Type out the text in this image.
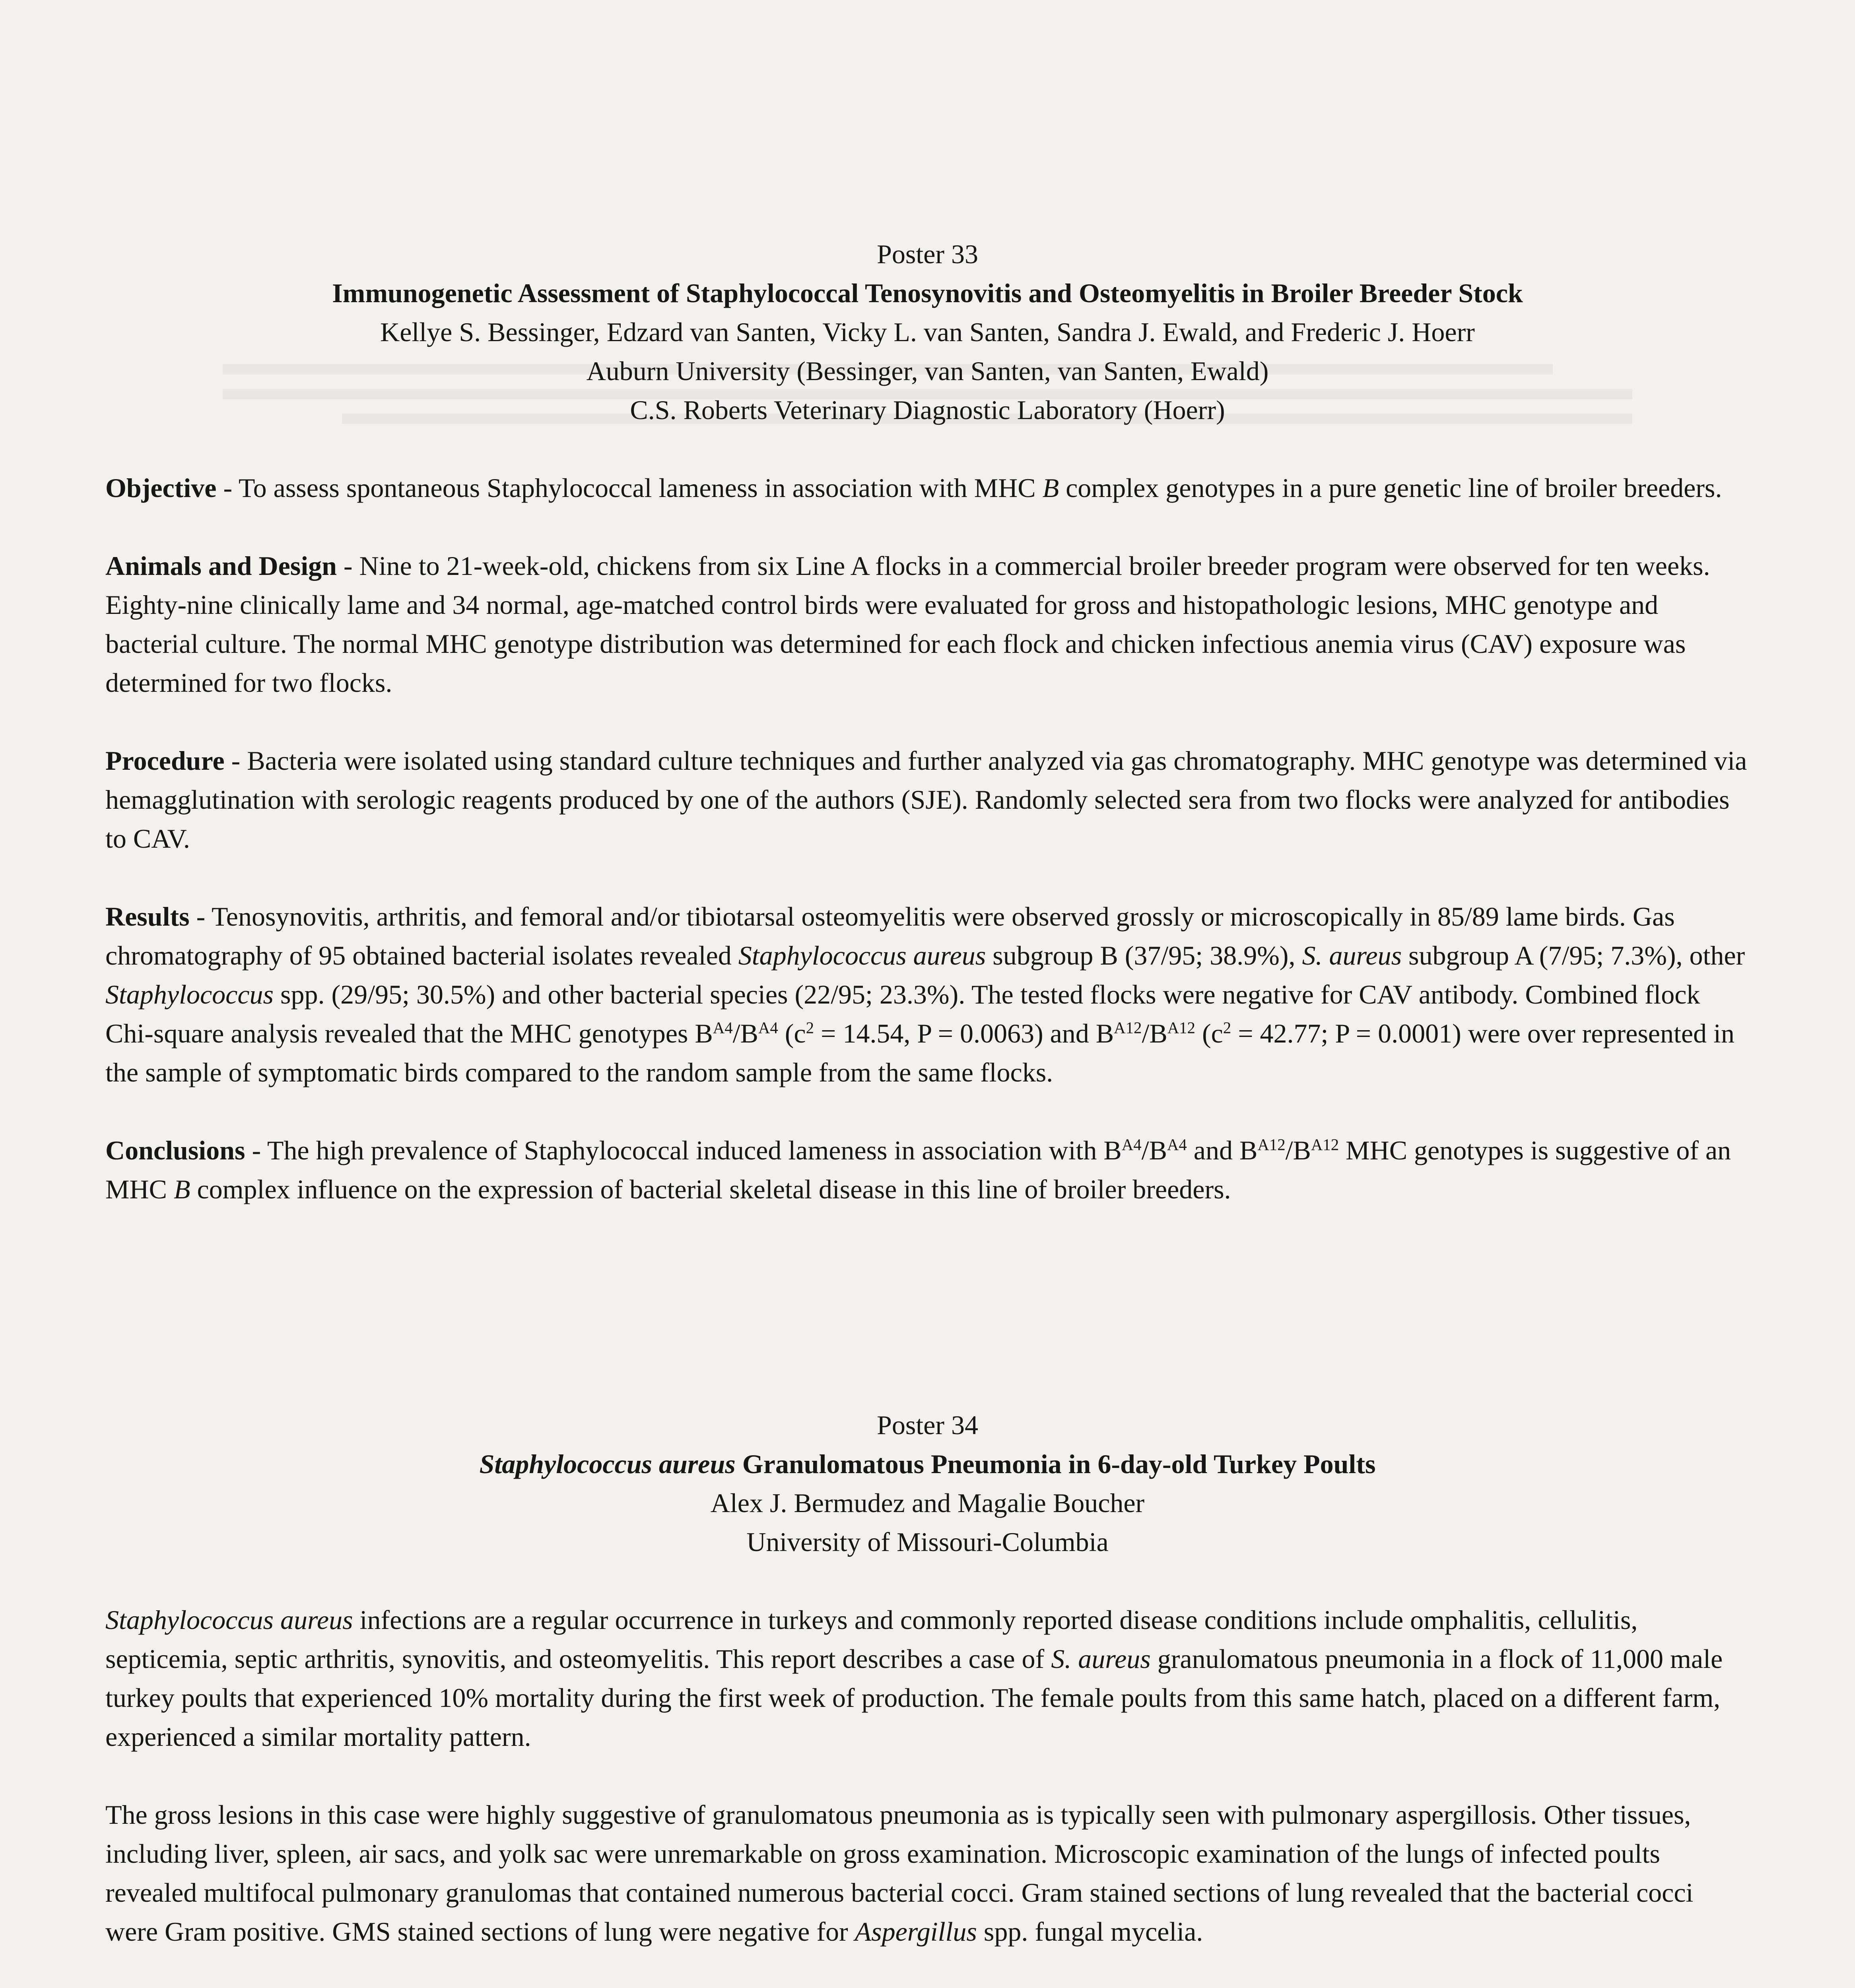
Poster 33
Immunogenetic Assessment of Staphylococcal Tenosynovitis and Osteomyelitis in Broiler Breeder Stock
Kellye S. Bessinger, Edzard van Santen, Vicky L. van Santen, Sandra J. Ewald, and Frederic J. Hoerr
Auburn University (Bessinger, van Santen, van Santen, Ewald)
C.S. Roberts Veterinary Diagnostic Laboratory (Hoerr)

Objective - To assess spontaneous Staphylococcal lameness in association with MHC B complex genotypes in a pure genetic line of broiler breeders.

Animals and Design - Nine to 21-week-old, chickens from six Line A flocks in a commercial broiler breeder program were observed for ten weeks. Eighty-nine clinically lame and 34 normal, age-matched control birds were evaluated for gross and histopathologic lesions, MHC genotype and bacterial culture. The normal MHC genotype distribution was determined for each flock and chicken infectious anemia virus (CAV) exposure was determined for two flocks.

Procedure - Bacteria were isolated using standard culture techniques and further analyzed via gas chromatography. MHC genotype was determined via hemagglutination with serologic reagents produced by one of the authors (SJE). Randomly selected sera from two flocks were analyzed for antibodies to CAV.

Results - Tenosynovitis, arthritis, and femoral and/or tibiotarsal osteomyelitis were observed grossly or microscopically in 85/89 lame birds. Gas chromatography of 95 obtained bacterial isolates revealed Staphylococcus aureus subgroup B (37/95; 38.9%), S. aureus subgroup A (7/95; 7.3%), other Staphylococcus spp. (29/95; 30.5%) and other bacterial species (22/95; 23.3%). The tested flocks were negative for CAV antibody. Combined flock Chi-square analysis revealed that the MHC genotypes $B^{A4}/B^{A4}$ ($c^2 = 14.54$, P = 0.0063) and $B^{A12}/B^{A12}$ ($c^2 = 42.77$; P = 0.0001) were over represented in the sample of symptomatic birds compared to the random sample from the same flocks.

Conclusions - The high prevalence of Staphylococcal induced lameness in association with $B^{A4}/B^{A4}$ and $B^{A12}/B^{A12}$ MHC genotypes is suggestive of an MHC B complex influence on the expression of bacterial skeletal disease in this line of broiler breeders.

Poster 34
Staphylococcus aureus Granulomatous Pneumonia in 6-day-old Turkey Poults
Alex J. Bermudez and Magalie Boucher
University of Missouri-Columbia

Staphylococcus aureus infections are a regular occurrence in turkeys and commonly reported disease conditions include omphalitis, cellulitis, septicemia, septic arthritis, synovitis, and osteomyelitis. This report describes a case of S. aureus granulomatous pneumonia in a flock of 11,000 male turkey poults that experienced 10% mortality during the first week of production. The female poults from this same hatch, placed on a different farm, experienced a similar mortality pattern.

The gross lesions in this case were highly suggestive of granulomatous pneumonia as is typically seen with pulmonary aspergillosis. Other tissues, including liver, spleen, air sacs, and yolk sac were unremarkable on gross examination. Microscopic examination of the lungs of infected poults revealed multifocal pulmonary granulomas that contained numerous bacterial cocci. Gram stained sections of lung revealed that the bacterial cocci were Gram positive. GMS stained sections of lung were negative for Aspergillus spp. fungal mycelia.
